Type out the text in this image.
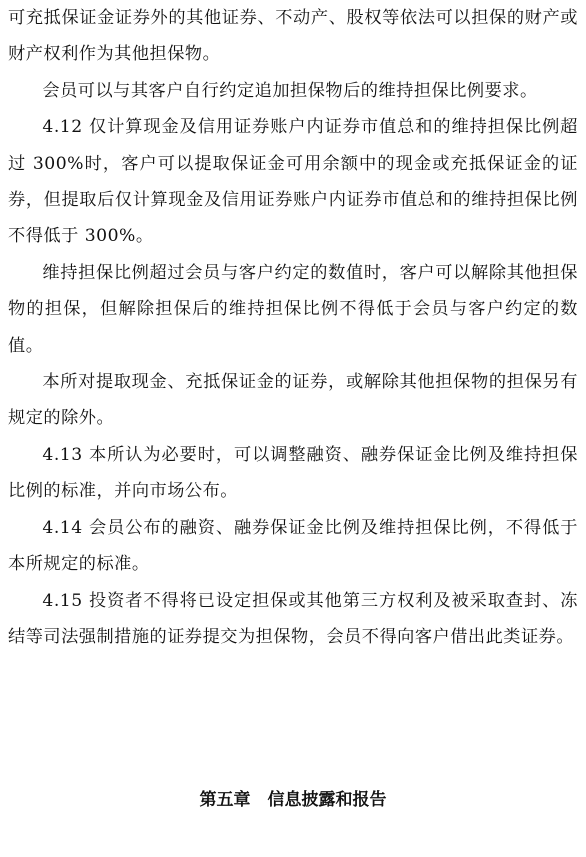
可充抵保证金证券外的其他证券、不动产、股权等依法可以担保的财产或财产权利作为其他担保物。

会员可以与其客户自行约定追加担保物后的维持担保比例要求。

4.12 仅计算现金及信用证券账户内证券市值总和的维持担保比例超过 300%时，客户可以提取保证金可用余额中的现金或充抵保证金的证券，但提取后仅计算现金及信用证券账户内证券市值总和的维持担保比例不得低于 300%。

维持担保比例超过会员与客户约定的数值时，客户可以解除其他担保物的担保，但解除担保后的维持担保比例不得低于会员与客户约定的数值。

本所对提取现金、充抵保证金的证券，或解除其他担保物的担保另有规定的除外。

4.13 本所认为必要时，可以调整融资、融券保证金比例及维持担保比例的标准，并向市场公布。

4.14 会员公布的融资、融券保证金比例及维持担保比例，不得低于本所规定的标准。

4.15 投资者不得将已设定担保或其他第三方权利及被采取查封、冻结等司法强制措施的证券提交为担保物，会员不得向客户借出此类证券。

第五章　信息披露和报告
